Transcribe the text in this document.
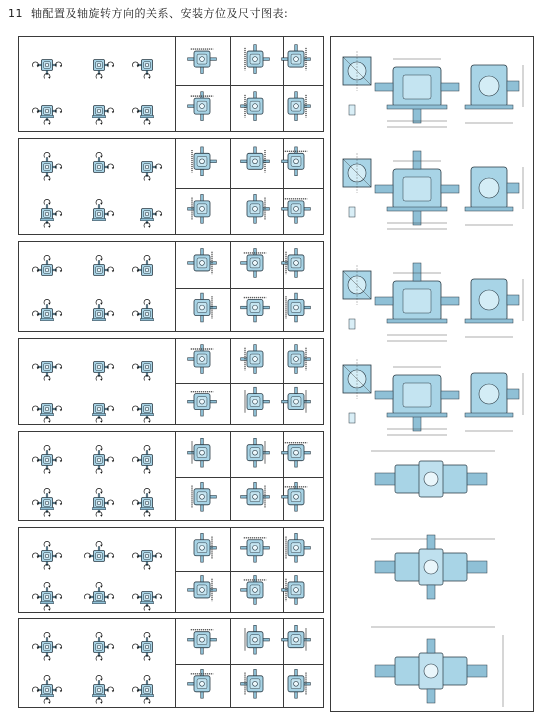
11 轴配置及轴旋转方向的关系、安装方位及尺寸图表:
